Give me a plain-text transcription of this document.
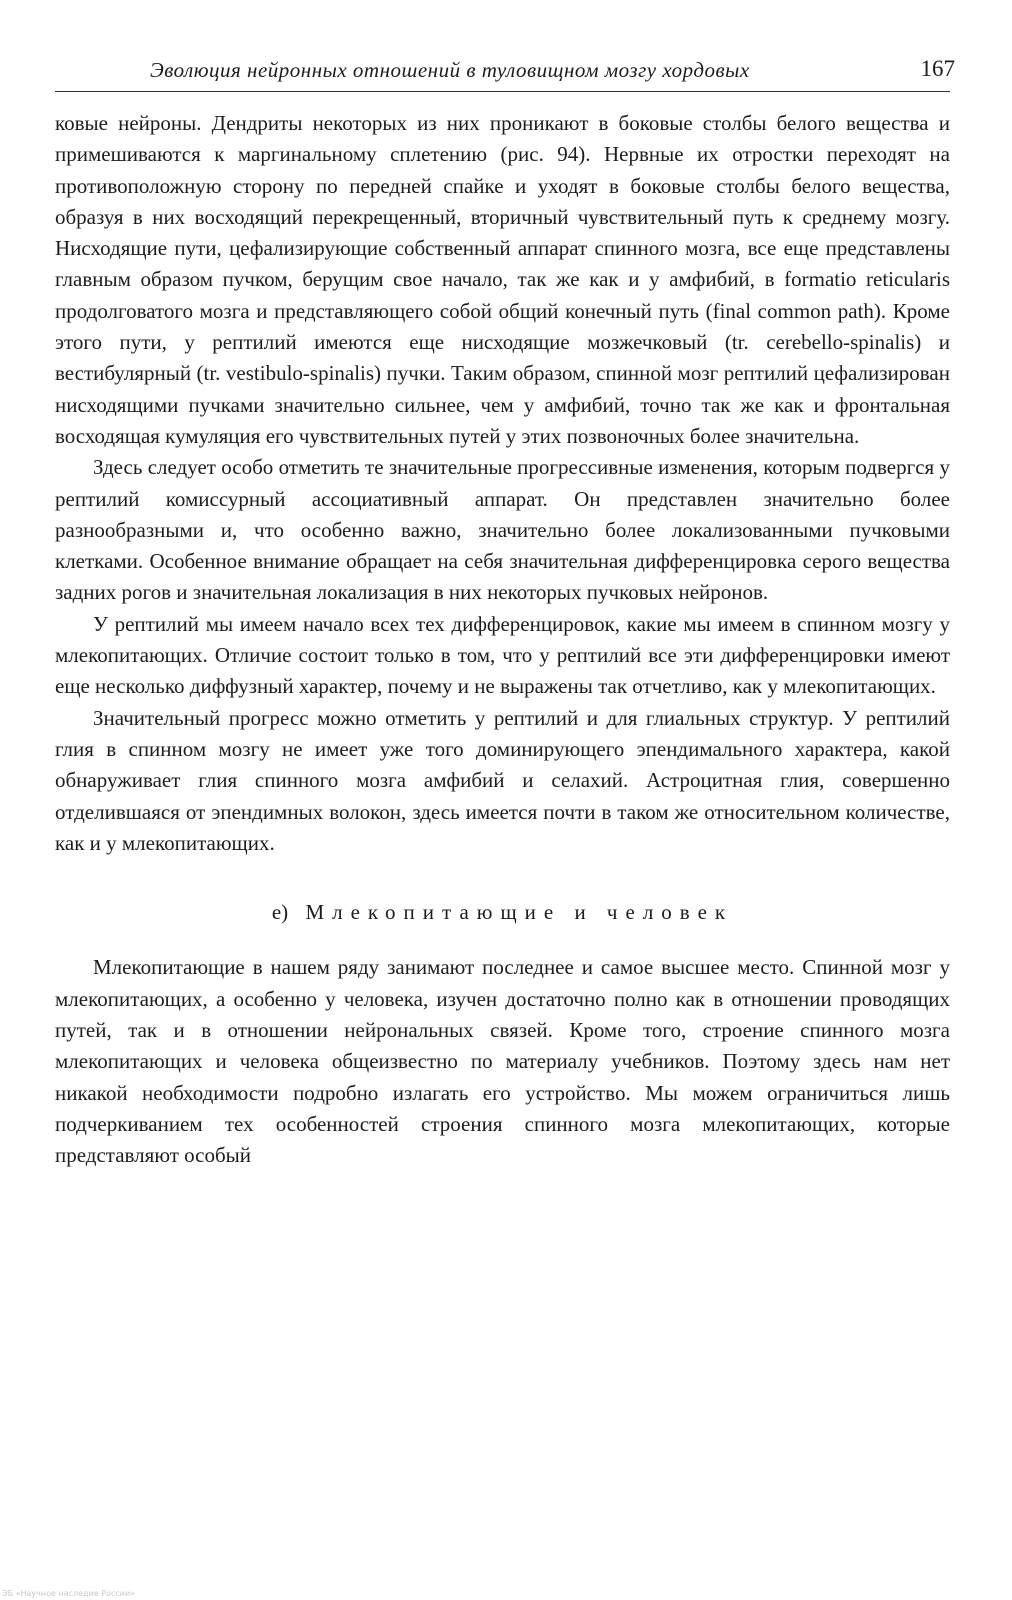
Эволюция нейронных отношений в туловищном мозгу хордовых	167

ковые нейроны. Дендриты некоторых из них проникают в боковые столбы белого вещества и примешиваются к маргинальному сплетению (рис. 94). Нервные их отростки переходят на противоположную сторону по передней спайке и уходят в боковые столбы белого вещества, образуя в них восходящий перекрещенный, вторичный чувствительный путь к среднему мозгу. Нисходящие пути, цефализирующие собственный аппарат спинного мозга, все еще представлены главным образом пучком, берущим свое начало, так же как и у амфибий, в formatio reticularis продолговатого мозга и представляющего собой общий конечный путь (final common path). Кроме этого пути, у рептилий имеются еще нисходящие мозжечковый (tr. cerebello-spinalis) и вестибулярный (tr. vestibulo-spinalis) пучки. Таким образом, спинной мозг рептилий цефализирован нисходящими пучками значительно сильнее, чем у амфибий, точно так же как и фронтальная восходящая кумуляция его чувствительных путей у этих позвоночных более значительна.

Здесь следует особо отметить те значительные прогрессивные изменения, которым подвергся у рептилий комиссурный ассоциативный аппарат. Он представлен значительно более разнообразными и, что особенно важно, значительно более локализованными пучковыми клетками. Особенное внимание обращает на себя значительная дифференцировка серого вещества задних рогов и значительная локализация в них некоторых пучковых нейронов.

У рептилий мы имеем начало всех тех дифференцировок, какие мы имеем в спинном мозгу у млекопитающих. Отличие состоит только в том, что у рептилий все эти дифференцировки имеют еще несколько диффузный характер, почему и не выражены так отчетливо, как у млекопитающих.

Значительный прогресс можно отметить у рептилий и для глиальных структур. У рептилий глия в спинном мозгу не имеет уже того доминирующего эпендимального характера, какой обнаруживает глия спинного мозга амфибий и селахий. Астроцитная глия, совершенно отделившаяся от эпендимных волокон, здесь имеется почти в таком же относительном количестве, как и у млекопитающих.

е) Млекопитающие и человек

Млекопитающие в нашем ряду занимают последнее и самое высшее место. Спинной мозг у млекопитающих, а особенно у человека, изучен достаточно полно как в отношении проводящих путей, так и в отношении нейрональных связей. Кроме того, строение спинного мозга млекопитающих и человека общеизвестно по материалу учебников. Поэтому здесь нам нет никакой необходимости подробно излагать его устройство. Мы можем ограничиться лишь подчеркиванием тех особенностей строения спинного мозга млекопитающих, которые представляют особый

ЭБ «Научное наследие России»
